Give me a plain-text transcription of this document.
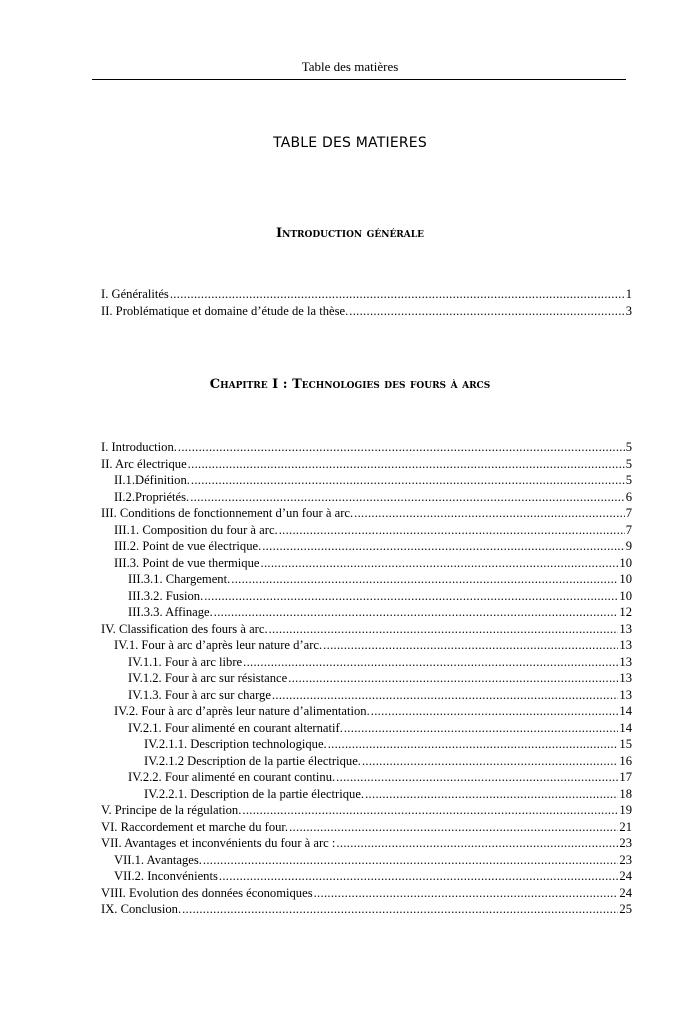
Table des matières
TABLE DES MATIERES
Introduction générale
I. Généralités .....	1
II. Problématique et domaine d’étude de la thèse. .....	3
Chapitre I : Technologies des fours à arcs
I. Introduction. .....	5
II. Arc électrique .....	5
II.1.Définition. .....	5
II.2.Propriétés. .....	6
III. Conditions de fonctionnement d’un four à arc. .....	7
III.1. Composition du four à arc. .....	7
III.2. Point de vue électrique. .....	9
III.3. Point de vue thermique .....	10
III.3.1. Chargement. .....	10
III.3.2. Fusion. .....	10
III.3.3. Affinage. .....	12
IV. Classification des fours à arc. .....	13
IV.1. Four à arc d’après leur nature d’arc. .....	13
IV.1.1. Four à arc libre .....	13
IV.1.2. Four à arc sur résistance .....	13
IV.1.3. Four à arc sur charge .....	13
IV.2. Four à arc d’après leur nature d’alimentation. .....	14
IV.2.1. Four alimenté en courant alternatif. .....	14
IV.2.1.1. Description technologique. .....	15
IV.2.1.2 Description de la partie électrique. .....	16
IV.2.2. Four alimenté en courant continu. .....	17
IV.2.2.1. Description de la partie électrique. .....	18
V. Principe de la régulation. .....	19
VI. Raccordement et marche du four. .....	21
VII. Avantages et inconvénients du four à arc : .....	23
VII.1. Avantages. .....	23
VII.2. Inconvénients .....	24
VIII. Evolution des données économiques .....	24
IX. Conclusion. .....	25
